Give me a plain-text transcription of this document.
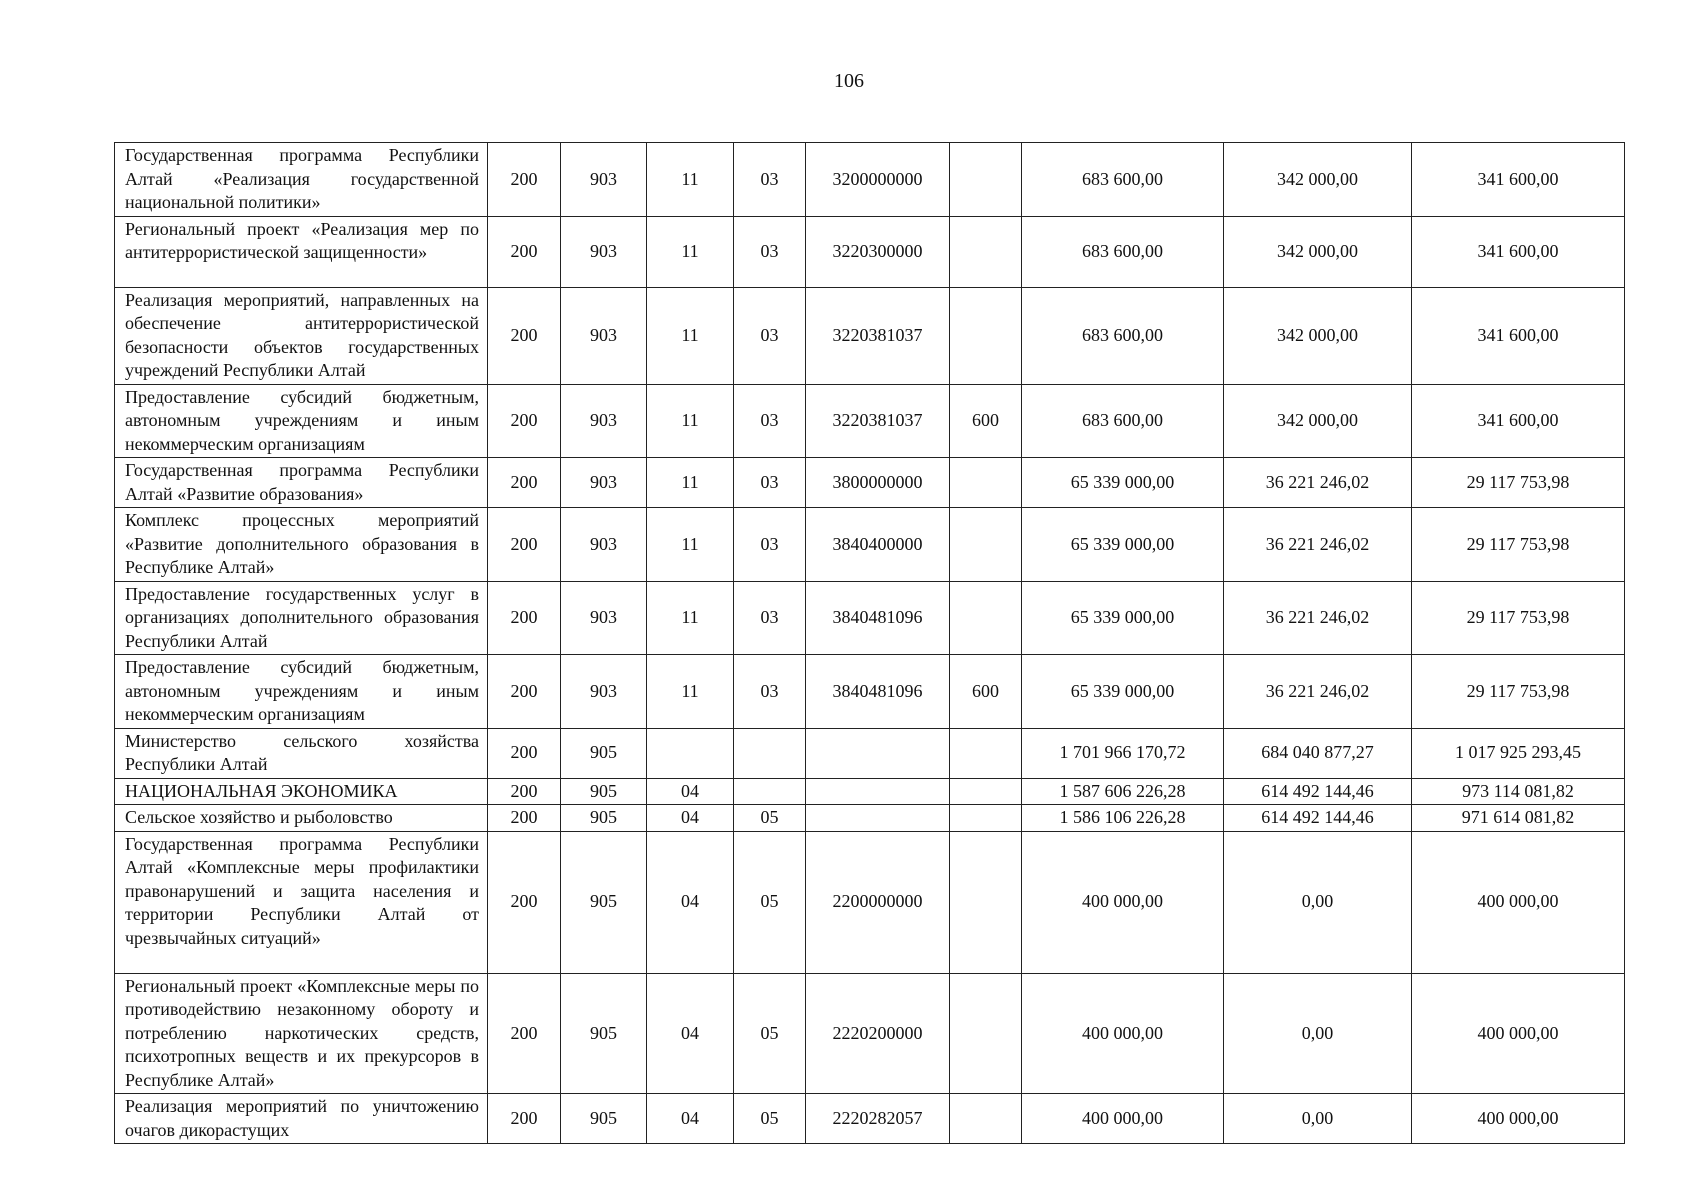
106
Государственная программа Республики Алтай «Реализация государственной национальной политики»	200	903	11	03	3200000000		683 600,00	342 000,00	341 600,00
Региональный проект «Реализация мер по антитеррористической защищенности»	200	903	11	03	3220300000		683 600,00	342 000,00	341 600,00
Реализация мероприятий, направленных на обеспечение антитеррористической безопасности объектов государственных учреждений Республики Алтай	200	903	11	03	3220381037		683 600,00	342 000,00	341 600,00
Предоставление субсидий бюджетным, автономным учреждениям и иным некоммерческим организациям	200	903	11	03	3220381037	600	683 600,00	342 000,00	341 600,00
Государственная программа Республики Алтай «Развитие образования»	200	903	11	03	3800000000		65 339 000,00	36 221 246,02	29 117 753,98
Комплекс процессных мероприятий «Развитие дополнительного образования в Республике Алтай»	200	903	11	03	3840400000		65 339 000,00	36 221 246,02	29 117 753,98
Предоставление государственных услуг в организациях дополнительного образования Республики Алтай	200	903	11	03	3840481096		65 339 000,00	36 221 246,02	29 117 753,98
Предоставление субсидий бюджетным, автономным учреждениям и иным некоммерческим организациям	200	903	11	03	3840481096	600	65 339 000,00	36 221 246,02	29 117 753,98
Министерство сельского хозяйства Республики Алтай	200	905					1 701 966 170,72	684 040 877,27	1 017 925 293,45
НАЦИОНАЛЬНАЯ ЭКОНОМИКА	200	905	04				1 587 606 226,28	614 492 144,46	973 114 081,82
Сельское хозяйство и рыболовство	200	905	04	05			1 586 106 226,28	614 492 144,46	971 614 081,82
Государственная программа Республики Алтай «Комплексные меры профилактики правонарушений и защита населения и территории Республики Алтай от чрезвычайных ситуаций»	200	905	04	05	2200000000		400 000,00	0,00	400 000,00
Региональный проект «Комплексные меры по противодействию незаконному обороту и потреблению наркотических средств, психотропных веществ и их прекурсоров в Республике Алтай»	200	905	04	05	2220200000		400 000,00	0,00	400 000,00

Реализация мероприятий по уничтожению очагов дикорастущих	200	905	04	05	2220282057		400 000,00	0,00	400 000,00
